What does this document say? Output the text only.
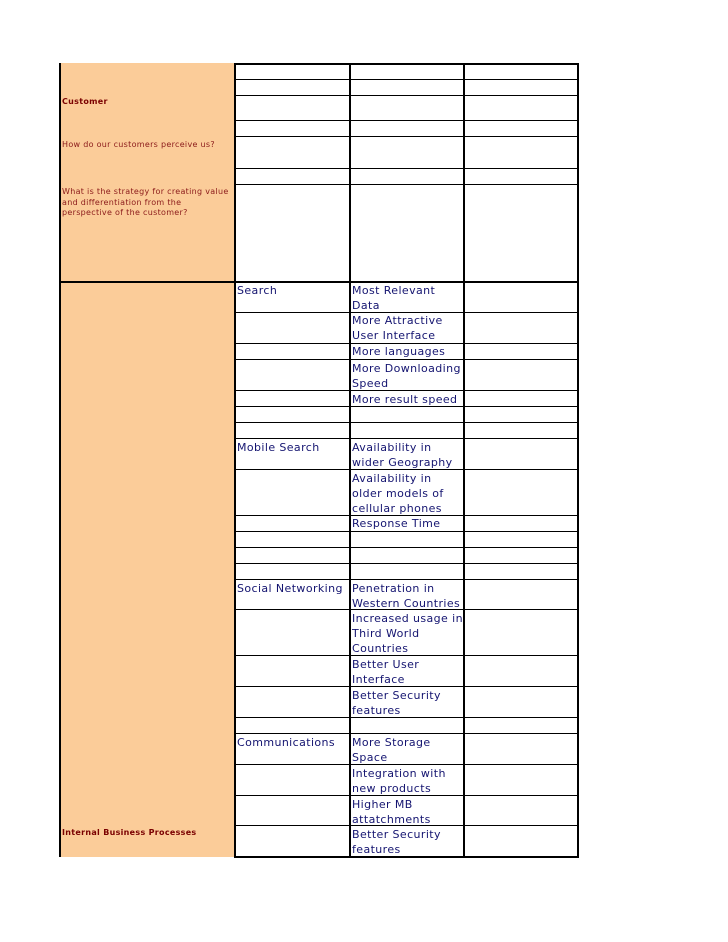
Customer
How do our customers perceive us?
What is the strategy for creating value
and differentiation from the
perspective of the customer?
Internal Business Processes
Search
Mobile Search
Social Networking
Communications
Most Relevant
Data
More Attractive
User Interface
More languages
More Downloading
Speed
More result speed
Availability in
wider Geography
Availability in
older models of
cellular phones
Response Time
Penetration in
Western Countries
Increased usage in
Third World
Countries
Better User
Interface
Better Security
features
More Storage
Space
Integration with
new products
Higher MB
attatchments
Better Security
features
